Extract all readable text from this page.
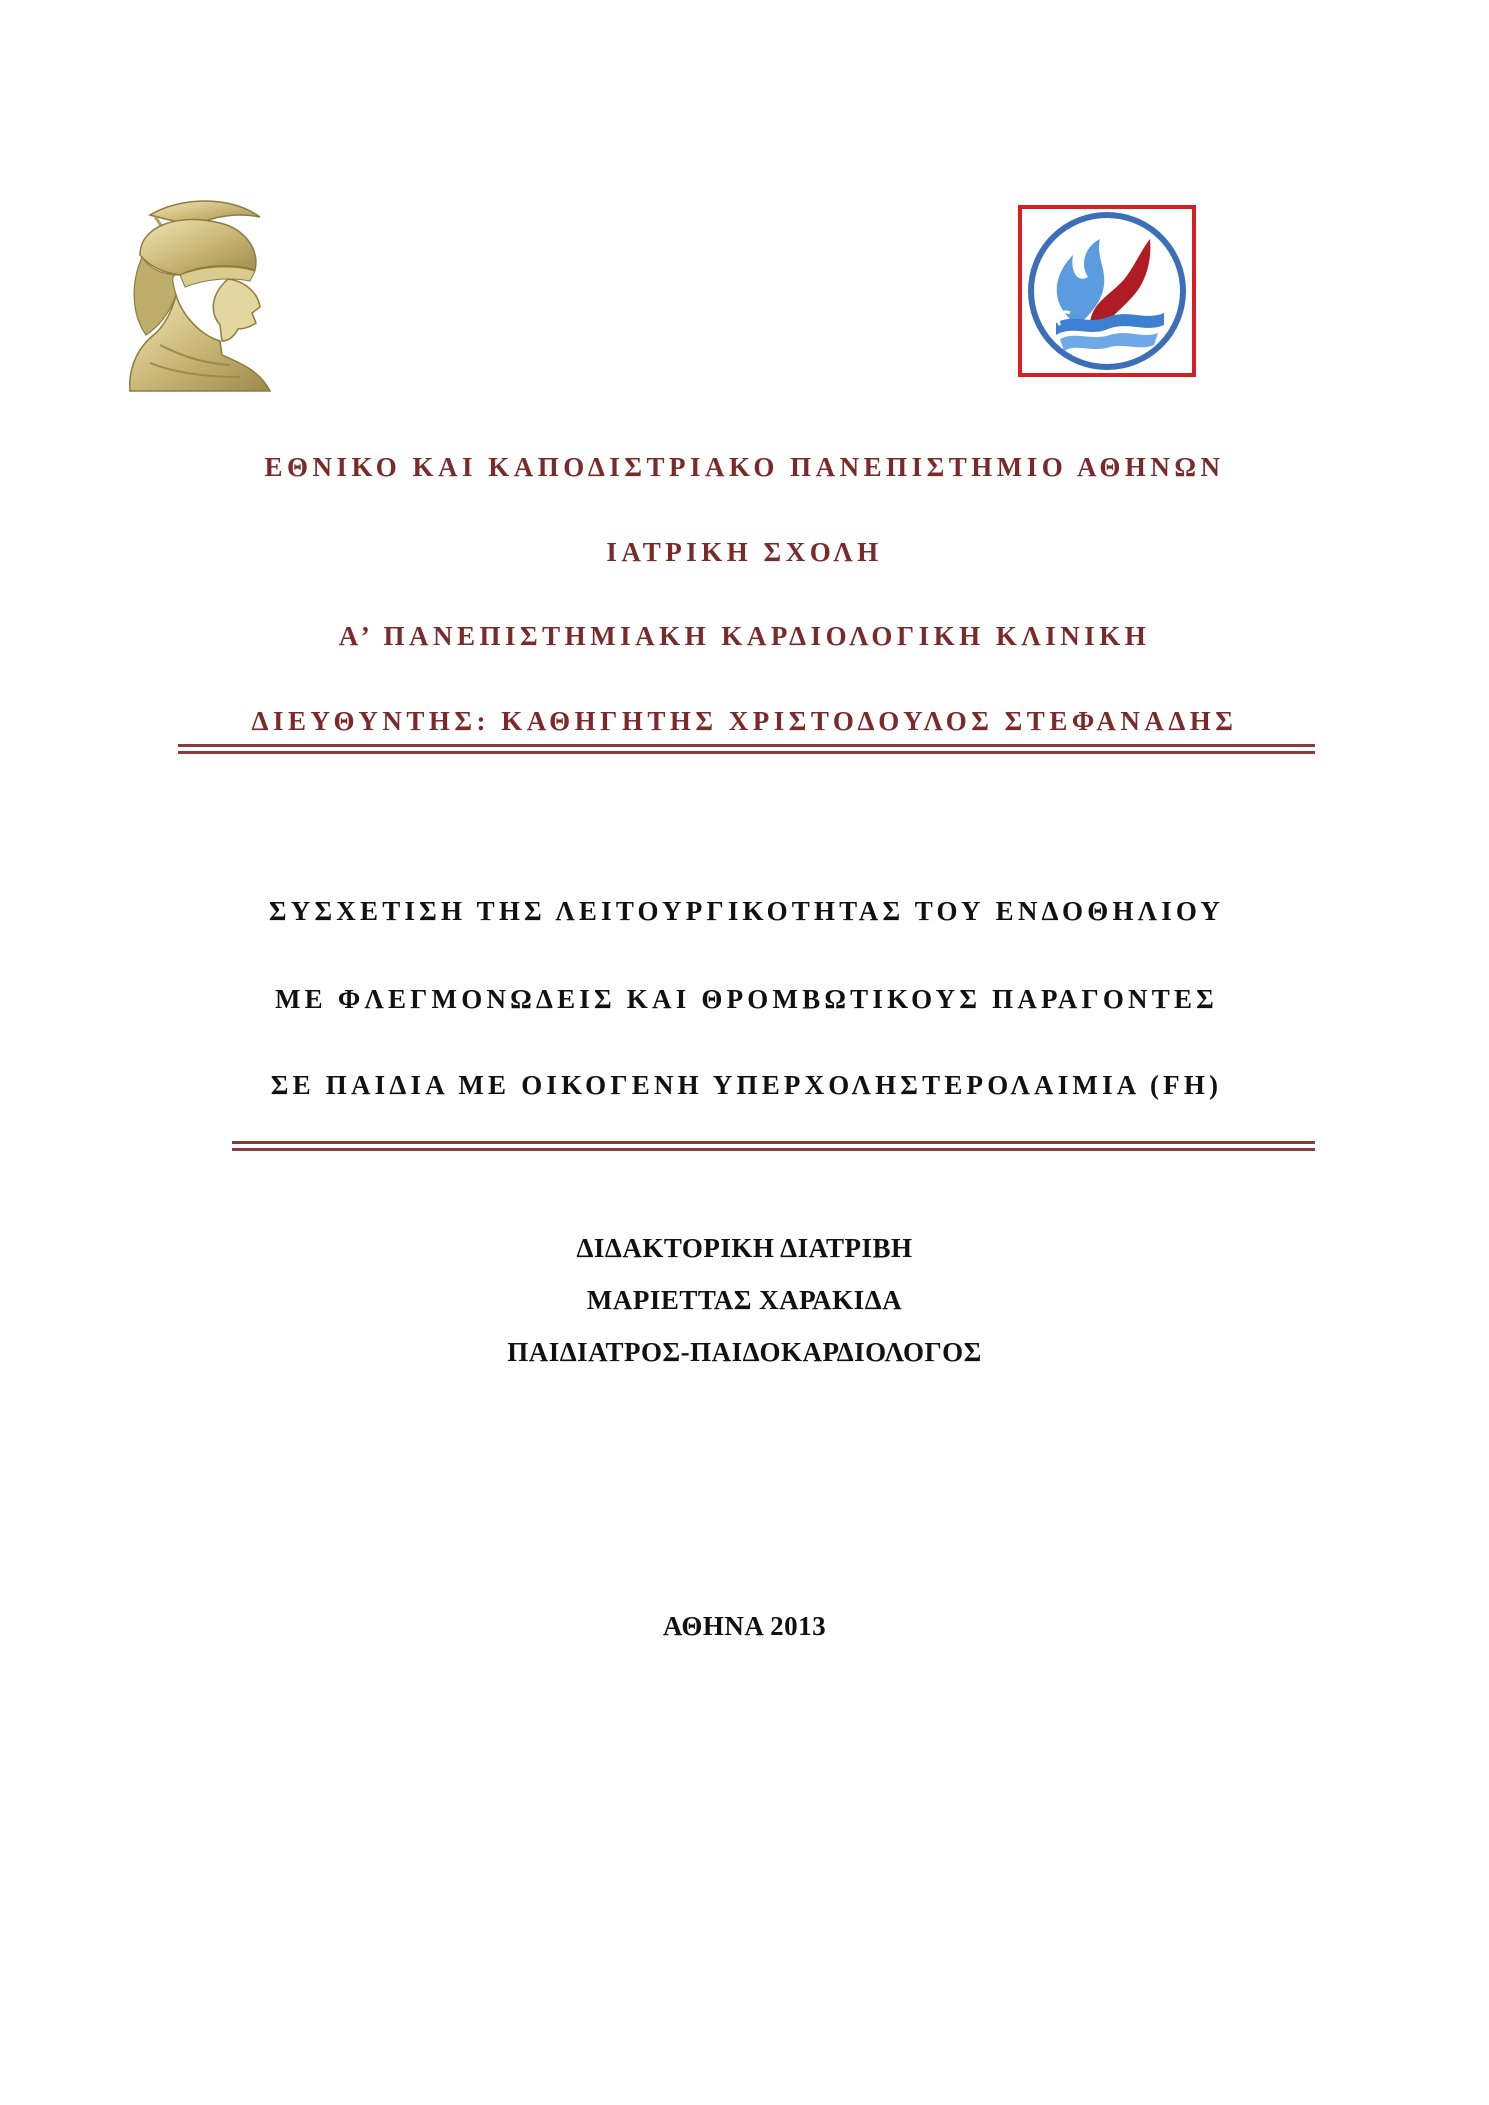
ΕΘΝΙΚΟ ΚΑΙ ΚΑΠΟΔΙΣΤΡΙΑΚΟ ΠΑΝΕΠΙΣΤΗΜΙΟ ΑΘΗΝΩΝ
ΙΑΤΡΙΚΗ ΣΧΟΛΗ
Α’ ΠΑΝΕΠΙΣΤΗΜΙΑΚΗ ΚΑΡΔΙΟΛΟΓΙΚΗ ΚΛΙΝΙΚΗ
ΔΙΕΥΘΥΝΤΗΣ: ΚΑΘΗΓΗΤΗΣ ΧΡΙΣΤΟΔΟΥΛΟΣ ΣΤΕΦΑΝΑΔΗΣ
ΣΥΣΧΕΤΙΣΗ ΤΗΣ ΛΕΙΤΟΥΡΓΙΚΟΤΗΤΑΣ ΤΟΥ ΕΝΔΟΘΗΛΙΟΥ
ΜΕ ΦΛΕΓΜΟΝΩΔΕΙΣ ΚΑΙ ΘΡΟΜΒΩΤΙΚΟΥΣ ΠΑΡΑΓΟΝΤΕΣ
ΣΕ ΠΑΙΔΙΑ ΜΕ ΟΙΚΟΓΕΝΗ ΥΠΕΡΧΟΛΗΣΤΕΡΟΛΑΙΜΙΑ (FH)
ΔΙΔΑΚΤΟΡΙΚΗ ΔΙΑΤΡΙΒΗ
ΜΑΡΙΕΤΤΑΣ ΧΑΡΑΚΙΔΑ
ΠΑΙΔΙΑΤΡΟΣ-ΠΑΙΔΟΚΑΡΔΙΟΛΟΓΟΣ
ΑΘΗΝΑ 2013
